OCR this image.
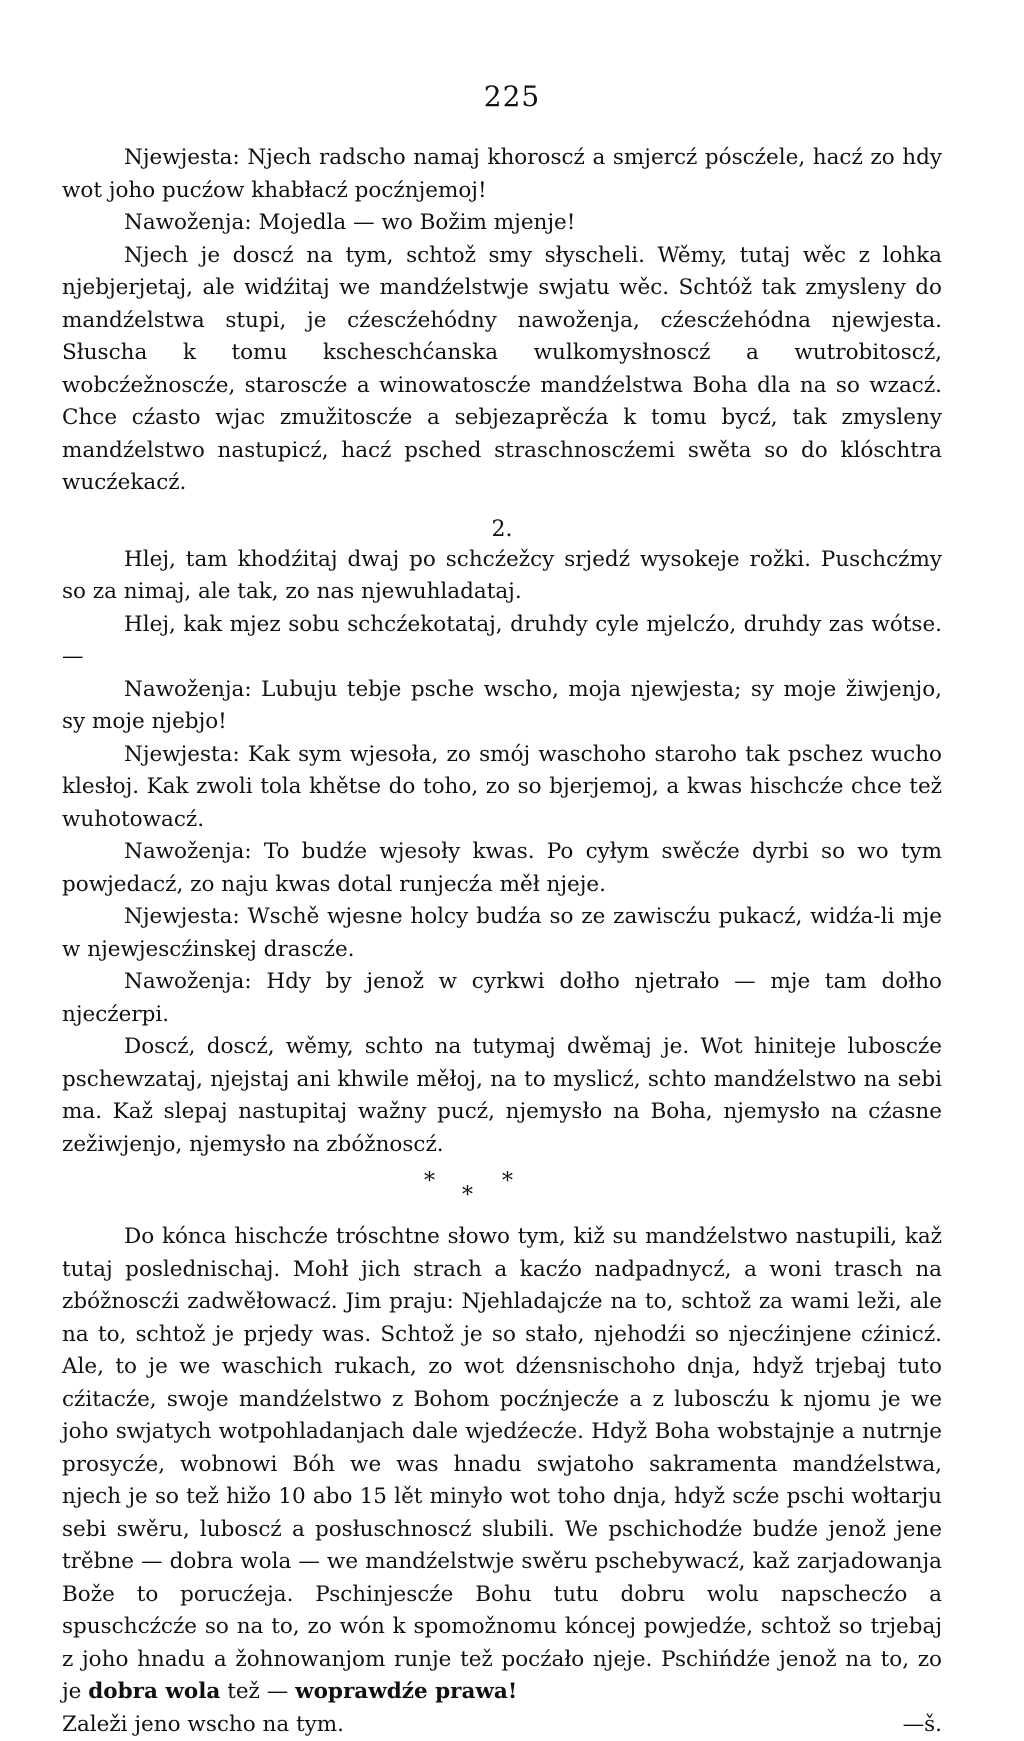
225

Njewjesta: Njech radscho namaj khoroscź a smjercź póscźele, hacź zo hdy wot joho pucźow khabłacź pocźnjemoj!

Nawoženja: Mojedla — wo Božim mjenje!

Njech je doscź na tym, schtož smy słyscheli. Wěmy, tutaj wěc z lohka njebjerjetaj, ale widźitaj we mandźelstwje swjatu wěc. Schtóž tak zmysleny do mandźelstwa stupi, je cźescźehódny nawoženja, cźescźehódna njewjesta. Słuscha k tomu kscheschćanska wulkomysłnoscź a wutrobitoscź, wobcźežnoscźe, staroscźe a winowatoscźe mandźelstwa Boha dla na so wzacź. Chce cźasto wjac zmužitoscźe a sebjezaprěcźa k tomu bycź, tak zmysleny mandźelstwo nastupicź, hacź psched straschnoscźemi swěta so do klóschtra wucźekacź.

2.

Hlej, tam khodźitaj dwaj po schcźežcy srjedź wysokeje rožki. Puschcźmy so za nimaj, ale tak, zo nas njewuhladataj.

Hlej, kak mjez sobu schcźekotataj, druhdy cyle mjelcźo, druhdy zas wótse. —

Nawoženja: Lubuju tebje psche wscho, moja njewjesta; sy moje žiwjenjo, sy moje njebjo!

Njewjesta: Kak sym wjesoła, zo smój waschoho staroho tak pschez wucho klesłoj. Kak zwoli tola khětse do toho, zo so bjerjemoj, a kwas hischcźe chce tež wuhotowacź.

Nawoženja: To budźe wjesoły kwas. Po cyłym swěcźe dyrbi so wo tym powjedacź, zo naju kwas dotal runjecźa měł njeje.

Njewjesta: Wschě wjesne holcy budźa so ze zawiscźu pukacź, widźa-li mje w njewjescźinskej drascźe.

Nawoženja: Hdy by jenož w cyrkwi dołho njetrało — mje tam dołho njecźerpi.

Doscź, doscź, wěmy, schto na tutymaj dwěmaj je. Wot hiniteje luboscźe pschewzataj, njejstaj ani khwile měłoj, na to myslicź, schto mandźelstwo na sebi ma. Kaž slepaj nastupitaj wažny pucź, njemysło na Boha, njemysło na cźasne zežiwjenjo, njemysło na zbóžnoscź.

*	*
*

Do kónca hischcźe tróschtne słowo tym, kiž su mandźelstwo nastupili, kaž tutaj poslednischaj. Mohł jich strach a kacźo nadpadnycź, a woni trasch na zbóžnoscźi zadwěłowacź. Jim praju: Njehladajcźe na to, schtož za wami leži, ale na to, schtož je prjedy was. Schtož je so stało, njehodźi so njecźinjene cźinicź. Ale, to je we waschich rukach, zo wot dźensnischoho dnja, hdyž trjebaj tuto cźitacźe, swoje mandźelstwo z Bohom pocźnjecźe a z luboscźu k njomu je we joho swjatych wotpohladanjach dale wjedźecźe. Hdyž Boha wobstajnje a nutrnje prosycźe, wobnowi Bóh we was hnadu swjatoho sakramenta mandźelstwa, njech je so tež hižo 10 abo 15 lět minyło wot toho dnja, hdyž scźe pschi wołtarju sebi swěru, luboscź a posłuschnoscź slubili. We pschichodźe budźe jenož jene trěbne — dobra wola — we mandźelstwje swěru pschebywacź, kaž zarjadowanja Bože to porucźeja. Pschinjescźe Bohu tutu dobru wolu napschecźo a spuschcźcźe so na to, zo wón k spomožnomu kóncej powjedźe, schtož so trjebaj z joho hnadu a žohnowanjom runje tež pocźało njeje. Pschińdźe jenož na to, zo je dobra wola tež — woprawdźe prawa!

Zaleži jeno wscho na tym.	—š.
